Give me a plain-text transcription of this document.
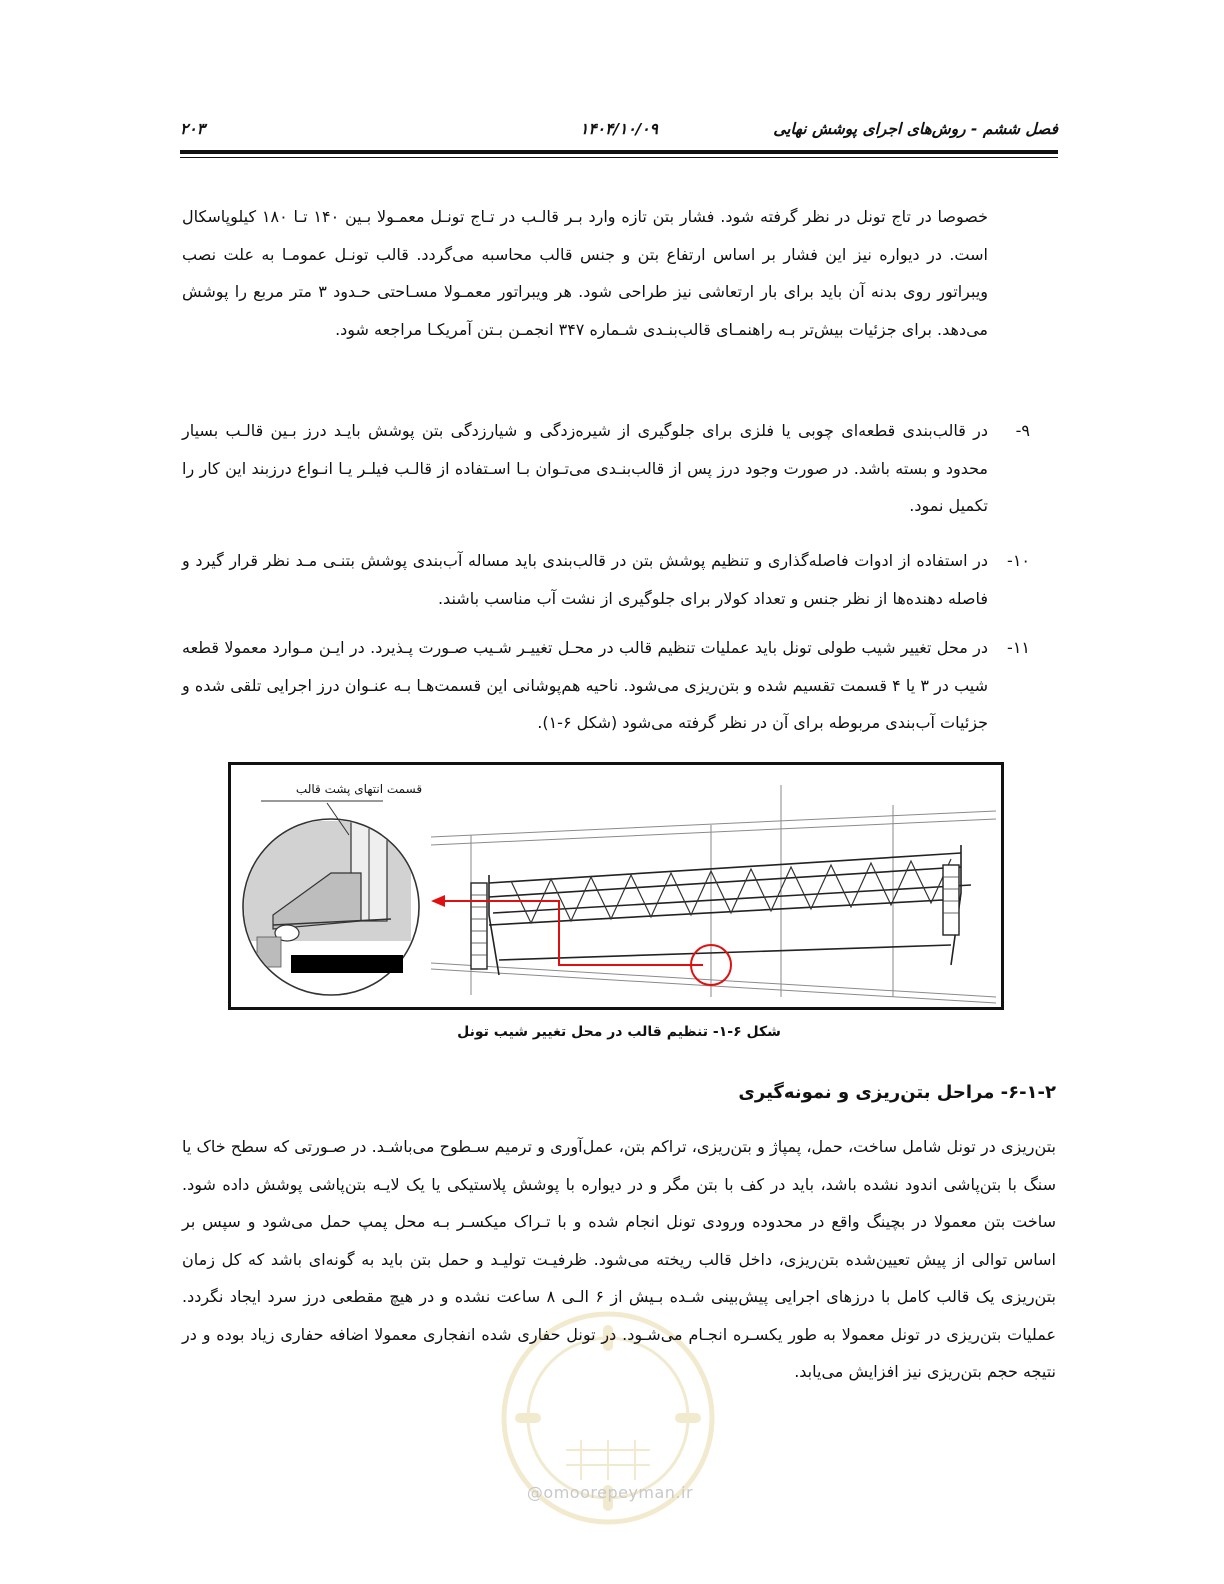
فصل ششم - روش‌های اجرای پوشش نهایی
۱۴۰۴/۱۰/۰۹
۲۰۳
خصوصا در تاج تونل در نظر گرفته شود. فشار بتن تازه وارد بـر قالـب در تـاج تونـل معمـولا بـین ۱۴۰ تـا ۱۸۰ کیلوپاسکال است. در دیواره نیز این فشار بر اساس ارتفاع بتن و جنس قالب محاسبه می‌گردد. قالب تونـل عمومـا به علت نصب ویبراتور روی بدنه آن باید برای بار ارتعاشی نیز طراحی شود. هر ویبراتور معمـولا مسـاحتی حـدود ۳ متر مربع را پوشش می‌دهد. برای جزئیات بیش‌تر بـه راهنمـای قالب‌بنـدی شـماره ۳۴۷ انجمـن بـتن آمریکـا مراجعه شود.
۹-
در قالب‌بندی قطعه‌ای چوبی یا فلزی برای جلوگیری از شیره‌زدگی و شیارزدگی بتن پوشش بایـد درز بـین قالـب بسیار محدود و بسته باشد. در صورت وجود درز پس از قالب‌بنـدی می‌تـوان بـا اسـتفاده از قالـب فیلـر یـا انـواع درزبند این کار را تکمیل نمود.
۱۰-
در استفاده از ادوات فاصله‌گذاری و تنظیم پوشش بتن در قالب‌بندی باید مساله آب‌بندی پوشش بتنـی مـد نظر قرار گیرد و فاصله دهنده‌ها از نظر جنس و تعداد کولار برای جلوگیری از نشت آب مناسب باشند.
۱۱-
در محل تغییر شیب طولی تونل باید عملیات تنظیم قالب در محـل تغییـر شـیب صـورت پـذیرد. در ایـن مـوارد معمولا قطعه شیب در ۳ یا ۴ قسمت تقسیم شده و بتن‌ریزی می‌شود. ناحیه هم‌پوشانی این قسمت‌هـا بـه عنـوان درز اجرایی تلقی شده و جزئیات آب‌بندی مربوطه برای آن در نظر گرفته می‌شود (شکل ۶-۱).
قسمت انتهای پشت قالب
شکل ۶-۱- تنظیم قالب در محل تغییر شیب تونل
۶-۱-۲- مراحل بتن‌ریزی و نمونه‌گیری
@omoorepeyman.ir
بتن‌ریزی در تونل شامل ساخت، حمل، پمپاژ و بتن‌ریزی، تراکم بتن، عمل‌آوری و ترمیم سـطوح می‌باشـد. در صـورتی که سطح خاک یا سنگ با بتن‌پاشی اندود نشده باشد، باید در کف با بتن مگر و در دیواره با پوشش پلاستیکی یا یک لایـه بتن‌پاشی پوشش داده شود. ساخت بتن معمولا در بچینگ واقع در محدوده ورودی تونل انجام شده و با تـراک میکسـر بـه محل پمپ حمل می‌شود و سپس بر اساس توالی از پیش تعیین‌شده بتن‌ریزی، داخل قالب ریخته می‌شود. ظرفیـت تولیـد و حمل بتن باید به گونه‌ای باشد که کل زمان بتن‌ریزی یک قالب کامل با درزهای اجرایی پیش‌بینی شـده بـیش از ۶ الـی ۸ ساعت نشده و در هیچ مقطعی درز سرد ایجاد نگردد. عملیات بتن‌ریزی در تونل معمولا به طور یکسـره انجـام می‌شـود. در تونل حفاری شده انفجاری معمولا اضافه حفاری زیاد بوده و در نتیجه حجم بتن‌ریزی نیز افزایش می‌یابد.
